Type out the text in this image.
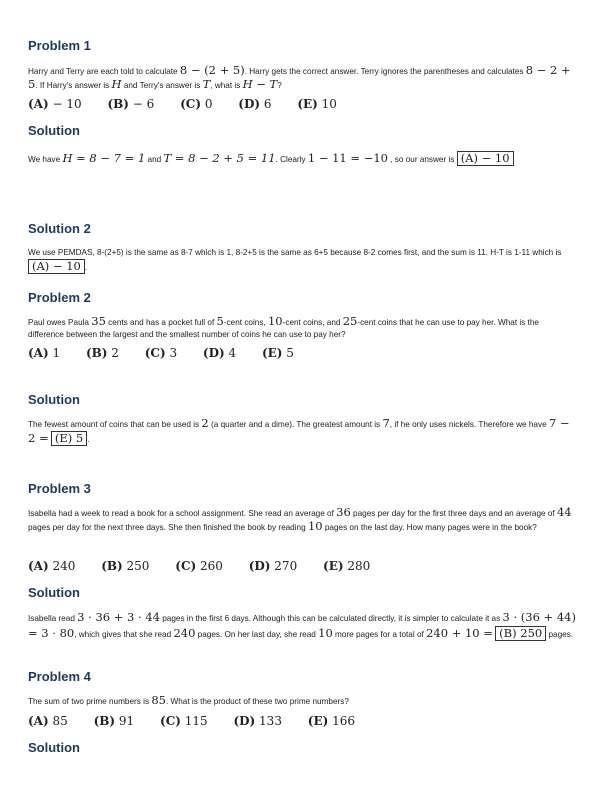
Problem 1

Harry and Terry are each told to calculate 8 − (2 + 5). Harry gets the correct answer. Terry ignores the parentheses and calculates 8 − 2 + 5. If Harry's answer is H and Terry's answer is T, what is H − T?

(A) − 10 (B) − 6 (C) 0 (D) 6 (E) 10
Solution

We have H = 8 − 7 = 1 and T = 8 − 2 + 5 = 11. Clearly 1 − 11 = −10 , so our answer is (A) − 10

Solution 2

We use PEMDAS, 8-(2+5) is the same as 8-7 which is 1, 8-2+5 is the same as 6+5 because 8-2 comes first, and the sum is 11. H-T is 1-11 which is (A) − 10 .

Problem 2

Paul owes Paula 35 cents and has a pocket full of 5-cent coins, 10-cent coins, and 25-cent coins that he can use to pay her. What is the difference between the largest and the smallest number of coins he can use to pay her?

(A) 1 (B) 2 (C) 3 (D) 4 (E) 5
Solution

The fewest amount of coins that can be used is 2 (a quarter and a dime). The greatest amount is 7, if he only uses nickels. Therefore we have 7 − 2 = (E) 5 .

Problem 3

Isabella had a week to read a book for a school assignment. She read an average of 36 pages per day for the first three days and an average of 44 pages per day for the next three days. She then finished the book by reading 10 pages on the last day. How many pages were in the book?

(A) 240 (B) 250 (C) 260 (D) 270 (E) 280
Solution

Isabella read 3 · 36 + 3 · 44 pages in the first 6 days. Although this can be calculated directly, it is simpler to calculate it as 3 · (36 + 44) = 3 · 80, which gives that she read 240 pages. On her last day, she read 10 more pages for a total of 240 + 10 = (B) 250 pages.

Problem 4

The sum of two prime numbers is 85. What is the product of these two prime numbers?

(A) 85 (B) 91 (C) 115 (D) 133 (E) 166
Solution
